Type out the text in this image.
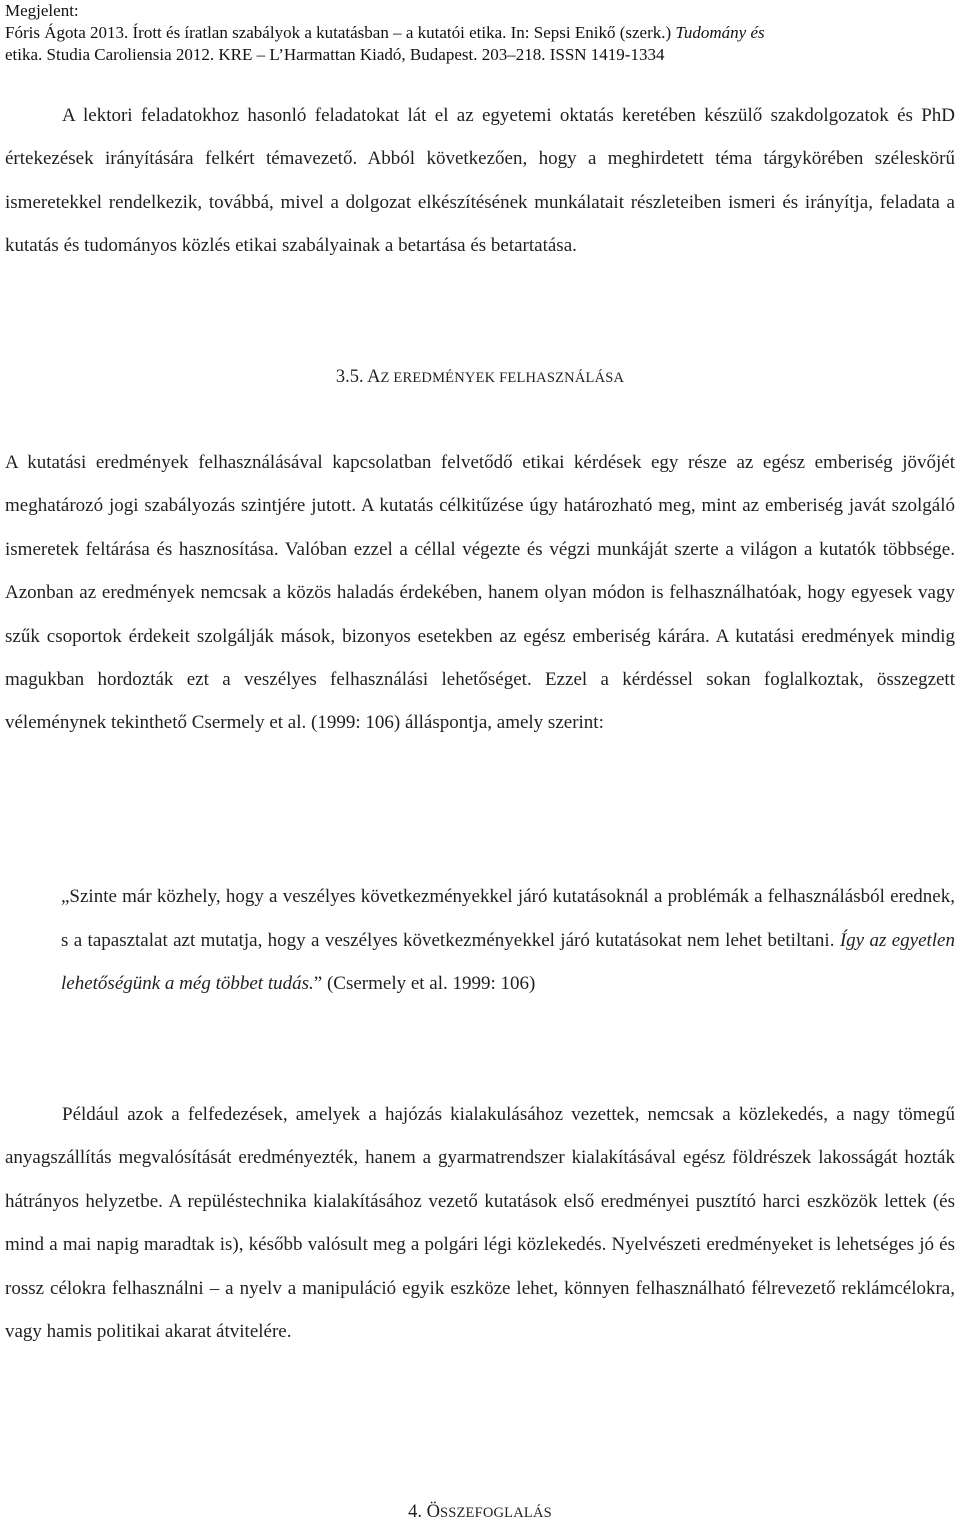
Megjelent:
Fóris Ágota 2013. Írott és íratlan szabályok a kutatásban – a kutatói etika. In: Sepsi Enikő (szerk.) Tudomány és
etika. Studia Caroliensia 2012. KRE – L’Harmattan Kiadó, Budapest. 203–218. ISSN 1419-1334

A lektori feladatokhoz hasonló feladatokat lát el az egyetemi oktatás keretében készülő szakdolgozatok és PhD értekezések irányítására felkért témavezető. Abból következően, hogy a meghirdetett téma tárgykörében széleskörű ismeretekkel rendelkezik, továbbá, mivel a dolgozat elkészítésének munkálatait részleteiben ismeri és irányítja, feladata a kutatás és tudományos közlés etikai szabályainak a betartása és betartatása.

3.5. AZ EREDMÉNYEK FELHASZNÁLÁSA

A kutatási eredmények felhasználásával kapcsolatban felvetődő etikai kérdések egy része az egész emberiség jövőjét meghatározó jogi szabályozás szintjére jutott. A kutatás célkitűzése úgy határozható meg, mint az emberiség javát szolgáló ismeretek feltárása és hasznosítása. Valóban ezzel a céllal végezte és végzi munkáját szerte a világon a kutatók többsége. Azonban az eredmények nemcsak a közös haladás érdekében, hanem olyan módon is felhasználhatóak, hogy egyesek vagy szűk csoportok érdekeit szolgálják mások, bizonyos esetekben az egész emberiség kárára. A kutatási eredmények mindig magukban hordozták ezt a veszélyes felhasználási lehetőséget. Ezzel a kérdéssel sokan foglalkoztak, összegzett véleménynek tekinthető Csermely et al. (1999: 106) álláspontja, amely szerint:

„Szinte már közhely, hogy a veszélyes következményekkel járó kutatásoknál a problémák a felhasználásból erednek, s a tapasztalat azt mutatja, hogy a veszélyes következményekkel járó kutatásokat nem lehet betiltani. Így az egyetlen lehetőségünk a még többet tudás.” (Csermely et al. 1999: 106)

Például azok a felfedezések, amelyek a hajózás kialakulásához vezettek, nemcsak a közlekedés, a nagy tömegű anyagszállítás megvalósítását eredményezték, hanem a gyarmatrendszer kialakításával egész földrészek lakosságát hozták hátrányos helyzetbe. A repüléstechnika kialakításához vezető kutatások első eredményei pusztító harci eszközök lettek (és mind a mai napig maradtak is), később valósult meg a polgári légi közlekedés. Nyelvészeti eredményeket is lehetséges jó és rossz célokra felhasználni – a nyelv a manipuláció egyik eszköze lehet, könnyen felhasználható félrevezető reklámcélokra, vagy hamis politikai akarat átvitelére.

4. ÖSSZEFOGLALÁS
